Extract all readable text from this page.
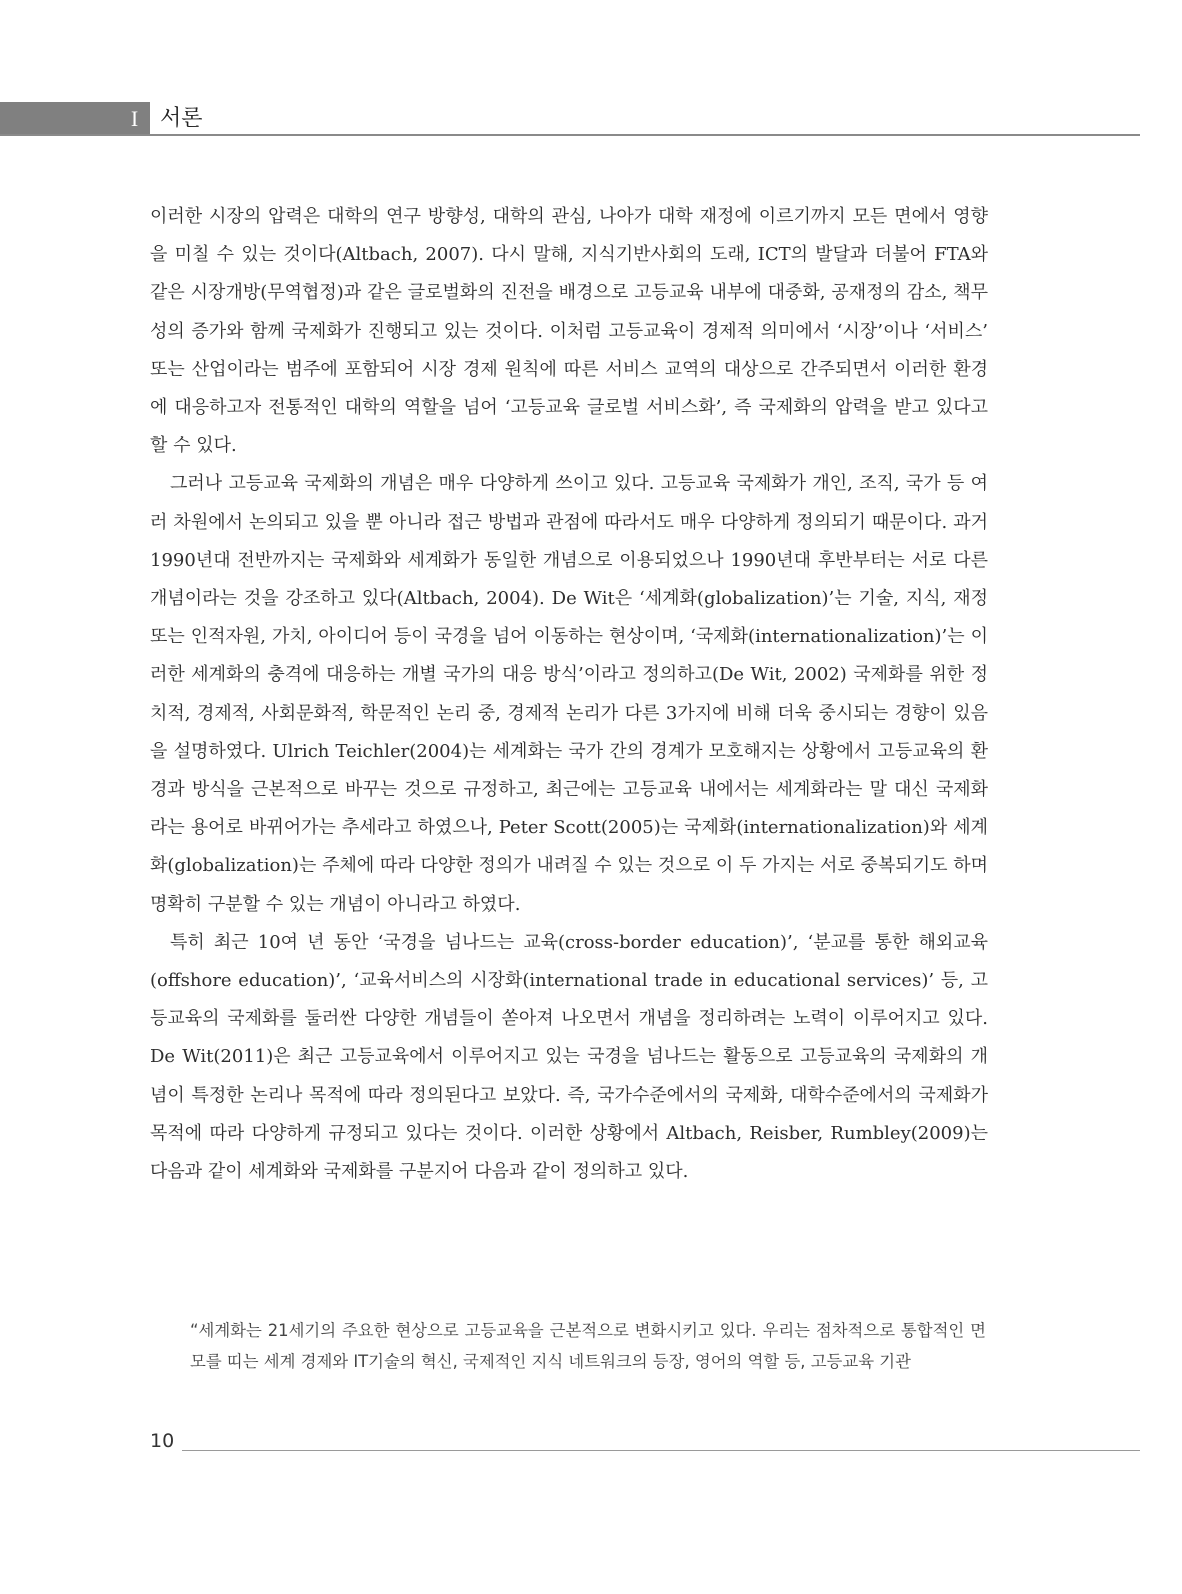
I 서론

이러한 시장의 압력은 대학의 연구 방향성, 대학의 관심, 나아가 대학 재정에 이르기까지 모든 면에서 영향을 미칠 수 있는 것이다(Altbach, 2007). 다시 말해, 지식기반사회의 도래, ICT의 발달과 더불어 FTA와 같은 시장개방(무역협정)과 같은 글로벌화의 진전을 배경으로 고등교육 내부에 대중화, 공재정의 감소, 책무성의 증가와 함께 국제화가 진행되고 있는 것이다. 이처럼 고등교육이 경제적 의미에서 ‘시장’이나 ‘서비스’ 또는 산업이라는 범주에 포함되어 시장 경제 원칙에 따른 서비스 교역의 대상으로 간주되면서 이러한 환경에 대응하고자 전통적인 대학의 역할을 넘어 ‘고등교육 글로벌 서비스화’, 즉 국제화의 압력을 받고 있다고 할 수 있다.

그러나 고등교육 국제화의 개념은 매우 다양하게 쓰이고 있다. 고등교육 국제화가 개인, 조직, 국가 등 여러 차원에서 논의되고 있을 뿐 아니라 접근 방법과 관점에 따라서도 매우 다양하게 정의되기 때문이다. 과거 1990년대 전반까지는 국제화와 세계화가 동일한 개념으로 이용되었으나 1990년대 후반부터는 서로 다른 개념이라는 것을 강조하고 있다(Altbach, 2004). De Wit은 ‘세계화(globalization)’는 기술, 지식, 재정 또는 인적자원, 가치, 아이디어 등이 국경을 넘어 이동하는 현상이며, ‘국제화(internationalization)’는 이러한 세계화의 충격에 대응하는 개별 국가의 대응 방식’이라고 정의하고(De Wit, 2002) 국제화를 위한 정치적, 경제적, 사회문화적, 학문적인 논리 중, 경제적 논리가 다른 3가지에 비해 더욱 중시되는 경향이 있음을 설명하였다. Ulrich Teichler(2004)는 세계화는 국가 간의 경계가 모호해지는 상황에서 고등교육의 환경과 방식을 근본적으로 바꾸는 것으로 규정하고, 최근에는 고등교육 내에서는 세계화라는 말 대신 국제화라는 용어로 바뀌어가는 추세라고 하였으나, Peter Scott(2005)는 국제화(internationalization)와 세계화(globalization)는 주체에 따라 다양한 정의가 내려질 수 있는 것으로 이 두 가지는 서로 중복되기도 하며 명확히 구분할 수 있는 개념이 아니라고 하였다.

특히 최근 10여 년 동안 ‘국경을 넘나드는 교육(cross-border education)’, ‘분교를 통한 해외교육(offshore education)’, ‘교육서비스의 시장화(international trade in educational services)’ 등, 고등교육의 국제화를 둘러싼 다양한 개념들이 쏟아져 나오면서 개념을 정리하려는 노력이 이루어지고 있다. De Wit(2011)은 최근 고등교육에서 이루어지고 있는 국경을 넘나드는 활동으로 고등교육의 국제화의 개념이 특정한 논리나 목적에 따라 정의된다고 보았다. 즉, 국가수준에서의 국제화, 대학수준에서의 국제화가 목적에 따라 다양하게 규정되고 있다는 것이다. 이러한 상황에서 Altbach, Reisber, Rumbley(2009)는 다음과 같이 세계화와 국제화를 구분지어 다음과 같이 정의하고 있다.

“세계화는 21세기의 주요한 현상으로 고등교육을 근본적으로 변화시키고 있다. 우리는 점차적으로 통합적인 면모를 띠는 세계 경제와 IT기술의 혁신, 국제적인 지식 네트워크의 등장, 영어의 역할 등, 고등교육 기관
10
